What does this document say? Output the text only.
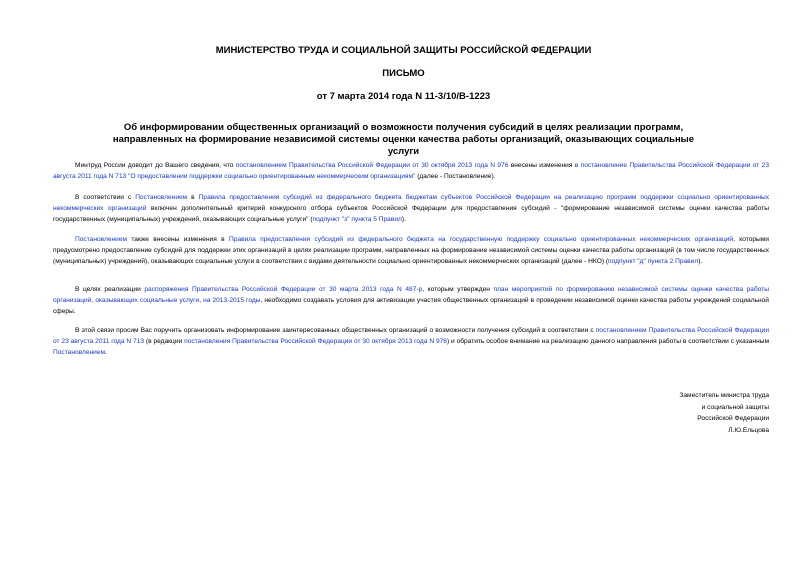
МИНИСТЕРСТВО ТРУДА И СОЦИАЛЬНОЙ ЗАЩИТЫ РОССИЙСКОЙ ФЕДЕРАЦИИ
ПИСЬМО
от 7 марта 2014 года N 11-3/10/В-1223
Об информировании общественных организаций о возможности получения субсидий в целях реализации программ, направленных на формирование независимой системы оценки качества работы организаций, оказывающих социальные услуги

Минтруд России доводит до Вашего сведения, что постановлением Правительства Российской Федерации от 30 октября 2013 года N 976 внесены изменения в постановление Правительства Российской Федерации от 23 августа 2011 года N 713 "О предоставлении поддержки социально ориентированным некоммерческим организациям" (далее - Постановление).

В соответствии с Постановлением в Правила предоставления субсидий из федерального бюджета бюджетам субъектов Российской Федерации на реализацию программ поддержки социально ориентированных некоммерческих организаций включен дополнительный критерий конкурсного отбора субъектов Российской Федерации для предоставления субсидий - "формирование независимой системы оценки качества работы государственных (муниципальных) учреждений, оказывающих социальные услуги" (подпункт "з" пункта 5 Правил).

Постановлением также внесены изменения в Правила предоставления субсидий из федерального бюджета на государственную поддержку социально ориентированных некоммерческих организаций, которыми предусмотрено предоставление субсидий для поддержки этих организаций в целях реализации программ, направленных на формирование независимой системы оценки качества работы организаций (в том числе государственных (муниципальных) учреждений), оказывающих социальные услуги в соответствии с видами деятельности социально ориентированных некоммерческих организаций (далее - НКО) (подпункт "д" пункта 2 Правил).

В целях реализации распоряжения Правительства Российской Федерации от 30 марта 2013 года N 487-р, которым утвержден план мероприятий по формированию независимой системы оценки качества работы организаций, оказывающих социальные услуги, на 2013-2015 годы, необходимо создавать условия для активизации участия общественных организаций в проведении независимой оценки качества работы учреждений социальной сферы.

В этой связи просим Вас поручить организовать информирование заинтересованных общественных организаций о возможности получения субсидий в соответствии с постановлением Правительства Российской Федерации от 23 августа 2011 года N 713 (в редакции постановления Правительства Российской Федерации от 30 октября 2013 года N 976) и обратить особое внимание на реализацию данного направления работы в соответствии с указанным Постановлением.

Заместитель министра труда
и социальной защиты
Российской Федерации
Л.Ю.Ельцова
